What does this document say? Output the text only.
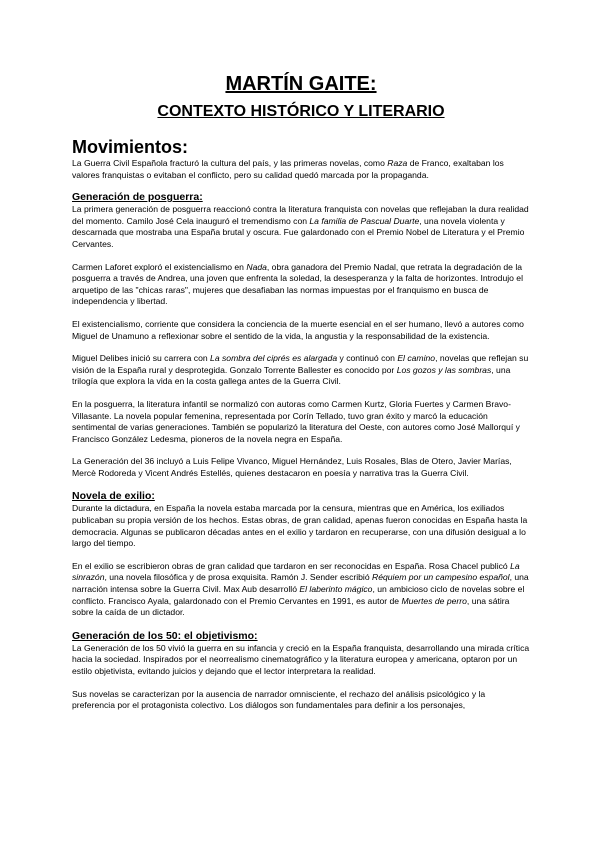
MARTÍN GAITE:
CONTEXTO HISTÓRICO Y LITERARIO
Movimientos:

La Guerra Civil Española fracturó la cultura del país, y las primeras novelas, como Raza de Franco, exaltaban los valores franquistas o evitaban el conflicto, pero su calidad quedó marcada por la propaganda.

Generación de posguerra:

La primera generación de posguerra reaccionó contra la literatura franquista con novelas que reflejaban la dura realidad del momento. Camilo José Cela inauguró el tremendismo con La familia de Pascual Duarte, una novela violenta y descarnada que mostraba una España brutal y oscura. Fue galardonado con el Premio Nobel de Literatura y el Premio Cervantes.

Carmen Laforet exploró el existencialismo en Nada, obra ganadora del Premio Nadal, que retrata la degradación de la posguerra a través de Andrea, una joven que enfrenta la soledad, la desesperanza y la falta de horizontes. Introdujo el arquetipo de las "chicas raras", mujeres que desafiaban las normas impuestas por el franquismo en busca de independencia y libertad.

El existencialismo, corriente que considera la conciencia de la muerte esencial en el ser humano, llevó a autores como Miguel de Unamuno a reflexionar sobre el sentido de la vida, la angustia y la responsabilidad de la existencia.

Miguel Delibes inició su carrera con La sombra del ciprés es alargada y continuó con El camino, novelas que reflejan su visión de la España rural y desprotegida. Gonzalo Torrente Ballester es conocido por Los gozos y las sombras, una trilogía que explora la vida en la costa gallega antes de la Guerra Civil.

En la posguerra, la literatura infantil se normalizó con autoras como Carmen Kurtz, Gloria Fuertes y Carmen Bravo-Villasante. La novela popular femenina, representada por Corín Tellado, tuvo gran éxito y marcó la educación sentimental de varias generaciones. También se popularizó la literatura del Oeste, con autores como José Mallorquí y Francisco González Ledesma, pioneros de la novela negra en España.

La Generación del 36 incluyó a Luis Felipe Vivanco, Miguel Hernández, Luis Rosales, Blas de Otero, Javier Marías, Mercè Rodoreda y Vicent Andrés Estellés, quienes destacaron en poesía y narrativa tras la Guerra Civil.

Novela de exilio:

Durante la dictadura, en España la novela estaba marcada por la censura, mientras que en América, los exiliados publicaban su propia versión de los hechos. Estas obras, de gran calidad, apenas fueron conocidas en España hasta la democracia. Algunas se publicaron décadas antes en el exilio y tardaron en recuperarse, con una difusión desigual a lo largo del tiempo.

En el exilio se escribieron obras de gran calidad que tardaron en ser reconocidas en España. Rosa Chacel publicó La sinrazón, una novela filosófica y de prosa exquisita. Ramón J. Sender escribió Réquiem por un campesino español, una narración intensa sobre la Guerra Civil. Max Aub desarrolló El laberinto mágico, un ambicioso ciclo de novelas sobre el conflicto. Francisco Ayala, galardonado con el Premio Cervantes en 1991, es autor de Muertes de perro, una sátira sobre la caída de un dictador.

Generación de los 50: el objetivismo:

La Generación de los 50 vivió la guerra en su infancia y creció en la España franquista, desarrollando una mirada crítica hacia la sociedad. Inspirados por el neorrealismo cinematográfico y la literatura europea y americana, optaron por un estilo objetivista, evitando juicios y dejando que el lector interpretara la realidad.

Sus novelas se caracterizan por la ausencia de narrador omnisciente, el rechazo del análisis psicológico y la preferencia por el protagonista colectivo. Los diálogos son fundamentales para definir a los personajes,
